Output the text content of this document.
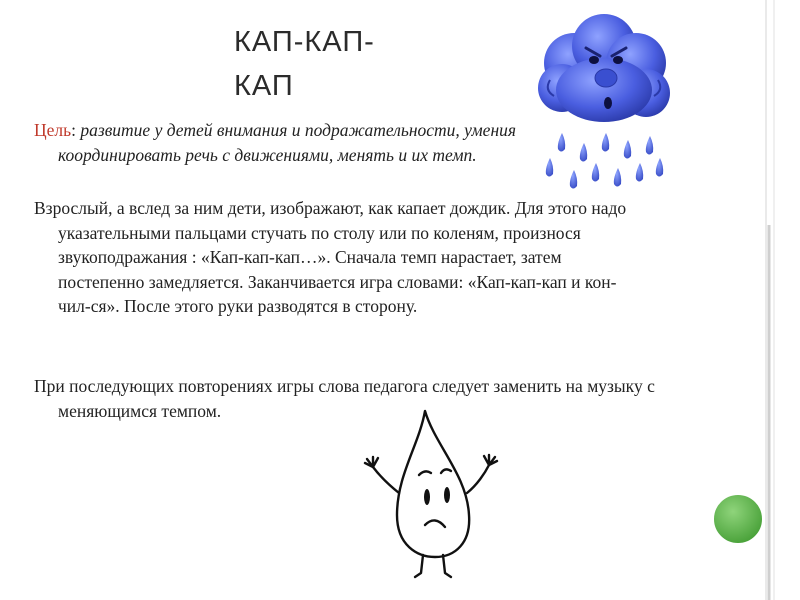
КАП-КАП-КАП

Цель: развитие у детей внимания и подражательности, умения координировать речь с движениями, менять и их темп.

Взрослый, а вслед за ним дети, изображают, как капает дождик. Для этого надо указательными пальцами стучать по столу или по коленям, произнося звукоподражания : «Кап-кап-кап…». Сначала темп нарастает, затем постепенно замедляется. Заканчивается игра словами: «Кап-кап-кап и кон-чил-ся». После этого руки разводятся в сторону.

При последующих повторениях игры слова педагога следует заменить на музыку с меняющимся темпом.
